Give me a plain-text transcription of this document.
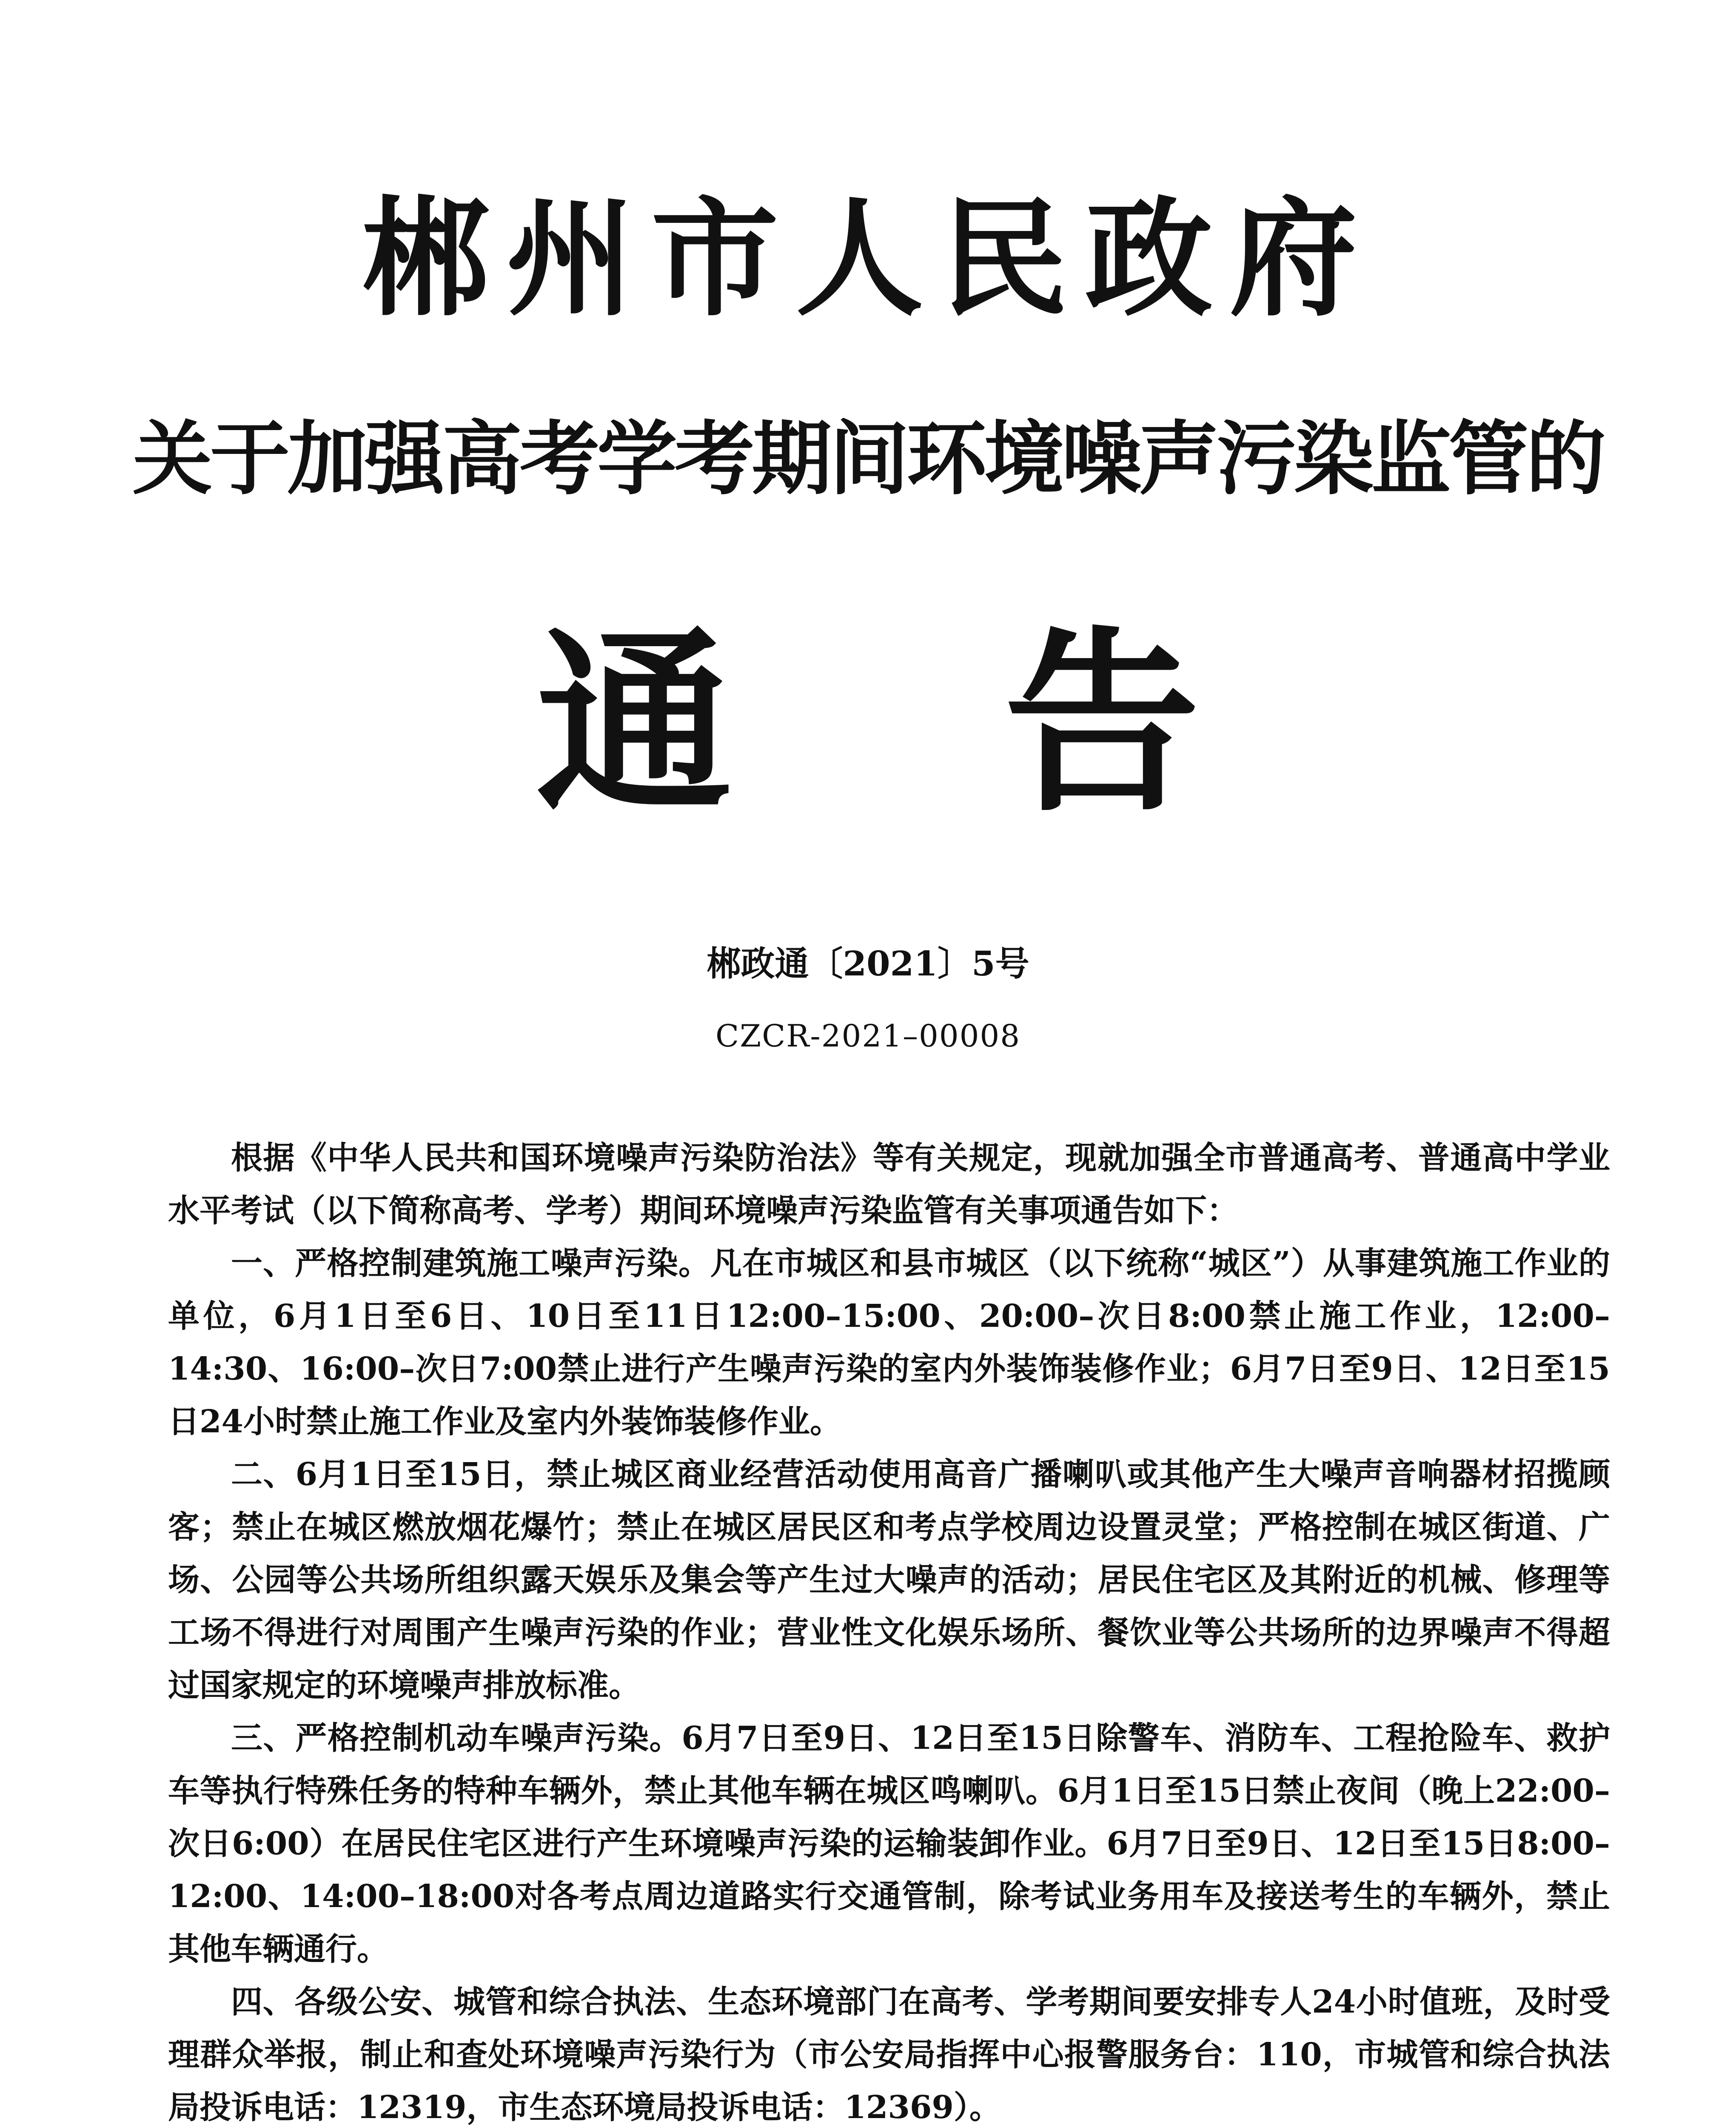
郴州市人民政府
关于加强高考学考期间环境噪声污染监管的
通告
郴政通〔2021〕5号
CZCR-2021–00008

根据《中华人民共和国环境噪声污染防治法》等有关规定，现就加强全市普通高考、普通高中学业水平考试（以下简称高考、学考）期间环境噪声污染监管有关事项通告如下：

一、严格控制建筑施工噪声污染。凡在市城区和县市城区（以下统称“城区”）从事建筑施工作业的单位，6月1日至6日、10日至11日12:00–15:00、20:00–次日8:00禁止施工作业，12:00–14:30、16:00–次日7:00禁止进行产生噪声污染的室内外装饰装修作业；6月7日至9日、12日至15日24小时禁止施工作业及室内外装饰装修作业。

二、6月1日至15日，禁止城区商业经营活动使用高音广播喇叭或其他产生大噪声音响器材招揽顾客；禁止在城区燃放烟花爆竹；禁止在城区居民区和考点学校周边设置灵堂；严格控制在城区街道、广场、公园等公共场所组织露天娱乐及集会等产生过大噪声的活动；居民住宅区及其附近的机械、修理等工场不得进行对周围产生噪声污染的作业；营业性文化娱乐场所、餐饮业等公共场所的边界噪声不得超过国家规定的环境噪声排放标准。

三、严格控制机动车噪声污染。6月7日至9日、12日至15日除警车、消防车、工程抢险车、救护车等执行特殊任务的特种车辆外，禁止其他车辆在城区鸣喇叭。6月1日至15日禁止夜间（晚上22:00–次日6:00）在居民住宅区进行产生环境噪声污染的运输装卸作业。6月7日至9日、12日至15日8:00–12:00、14:00–18:00对各考点周边道路实行交通管制，除考试业务用车及接送考生的车辆外，禁止其他车辆通行。

四、各级公安、城管和综合执法、生态环境部门在高考、学考期间要安排专人24小时值班，及时受理群众举报，制止和查处环境噪声污染行为（市公安局指挥中心报警服务台：110，市城管和综合执法局投诉电话：12319，市生态环境局投诉电话：12369）。
